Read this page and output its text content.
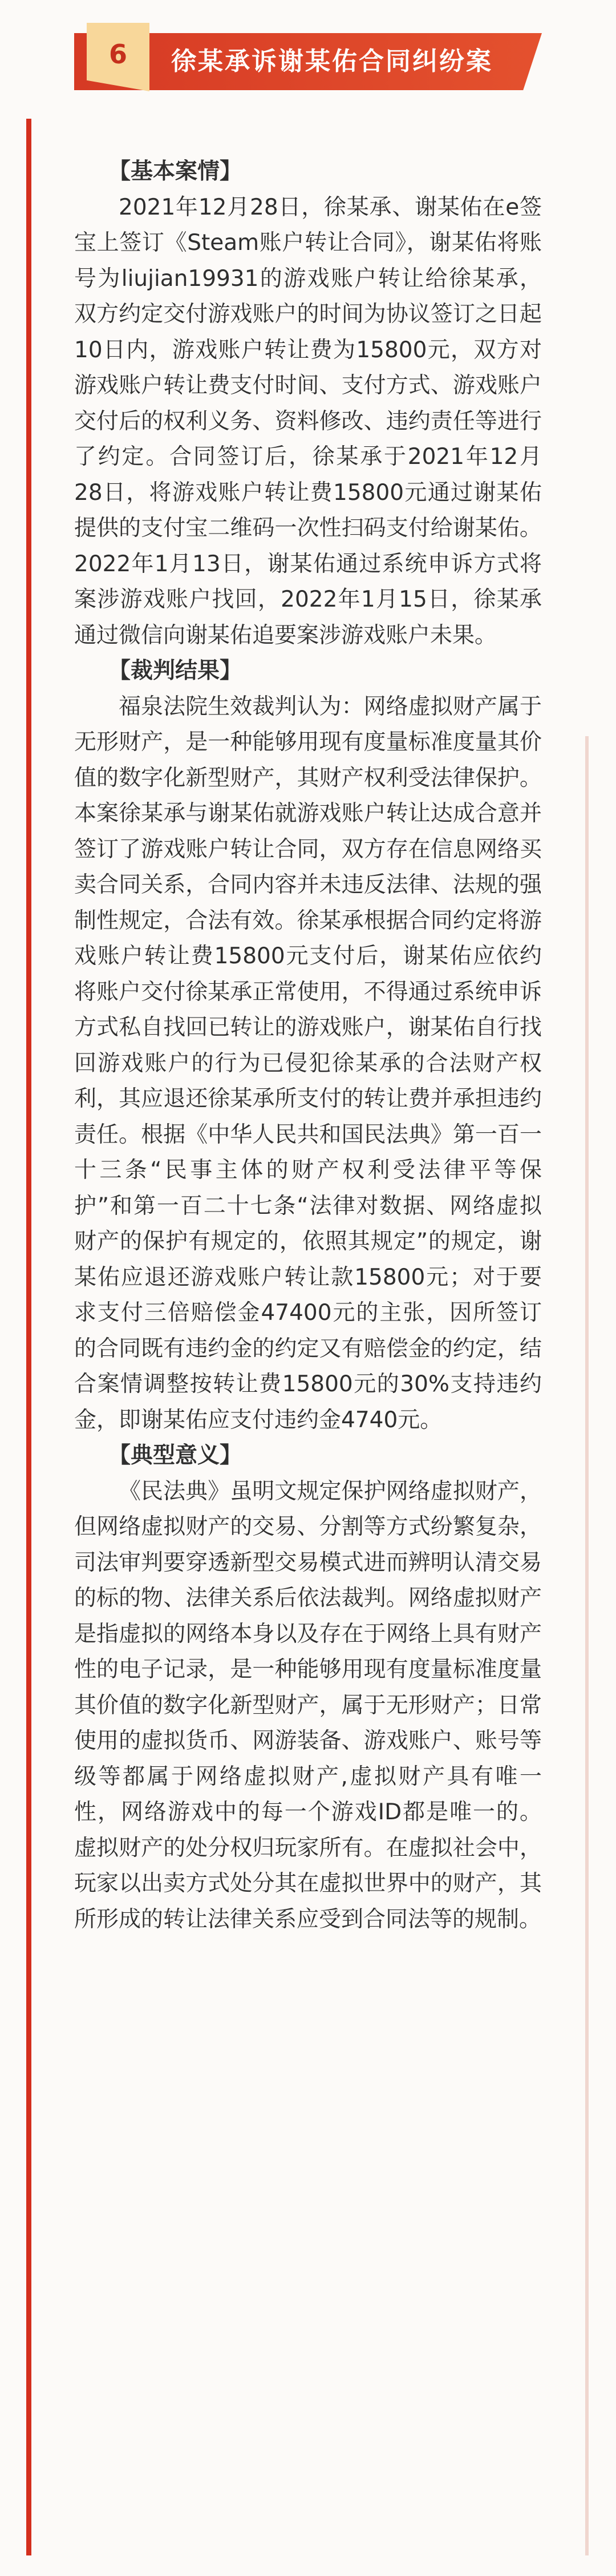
6	徐某承诉谢某佑合同纠纷案
【基本案情】
2021年12月28日，徐某承、谢某佑在e签宝上签订《Steam账户转让合同》，谢某佑将账号为liujian19931的游戏账户转让给徐某承，双方约定交付游戏账户的时间为协议签订之日起10日内，游戏账户转让费为15800元，双方对游戏账户转让费支付时间、支付方式、游戏账户交付后的权利义务、资料修改、违约责任等进行了约定。合同签订后，徐某承于2021年12月28日，将游戏账户转让费15800元通过谢某佑提供的支付宝二维码一次性扫码支付给谢某佑。2022年1月13日，谢某佑通过系统申诉方式将案涉游戏账户找回，2022年1月15日，徐某承通过微信向谢某佑追要案涉游戏账户未果。
【裁判结果】
福泉法院生效裁判认为：网络虚拟财产属于无形财产，是一种能够用现有度量标准度量其价值的数字化新型财产，其财产权利受法律保护。本案徐某承与谢某佑就游戏账户转让达成合意并签订了游戏账户转让合同，双方存在信息网络买卖合同关系，合同内容并未违反法律、法规的强制性规定，合法有效。徐某承根据合同约定将游戏账户转让费15800元支付后，谢某佑应依约将账户交付徐某承正常使用，不得通过系统申诉方式私自找回已转让的游戏账户，谢某佑自行找回游戏账户的行为已侵犯徐某承的合法财产权利，其应退还徐某承所支付的转让费并承担违约责任。根据《中华人民共和国民法典》第一百一十三条“民事主体的财产权利受法律平等保护”和第一百二十七条“法律对数据、网络虚拟财产的保护有规定的，依照其规定”的规定，谢某佑应退还游戏账户转让款15800元；对于要求支付三倍赔偿金47400元的主张，因所签订的合同既有违约金的约定又有赔偿金的约定，结合案情调整按转让费15800元的30%支持违约金，即谢某佑应支付违约金4740元。
【典型意义】
《民法典》虽明文规定保护网络虚拟财产，但网络虚拟财产的交易、分割等方式纷繁复杂，司法审判要穿透新型交易模式进而辨明认清交易的标的物、法律关系后依法裁判。网络虚拟财产是指虚拟的网络本身以及存在于网络上具有财产性的电子记录，是一种能够用现有度量标准度量其价值的数字化新型财产，属于无形财产；日常使用的虚拟货币、网游装备、游戏账户、账号等级等都属于网络虚拟财产,虚拟财产具有唯一性，网络游戏中的每一个游戏ID都是唯一的。虚拟财产的处分权归玩家所有。在虚拟社会中，玩家以出卖方式处分其在虚拟世界中的财产，其所形成的转让法律关系应受到合同法等的规制。
